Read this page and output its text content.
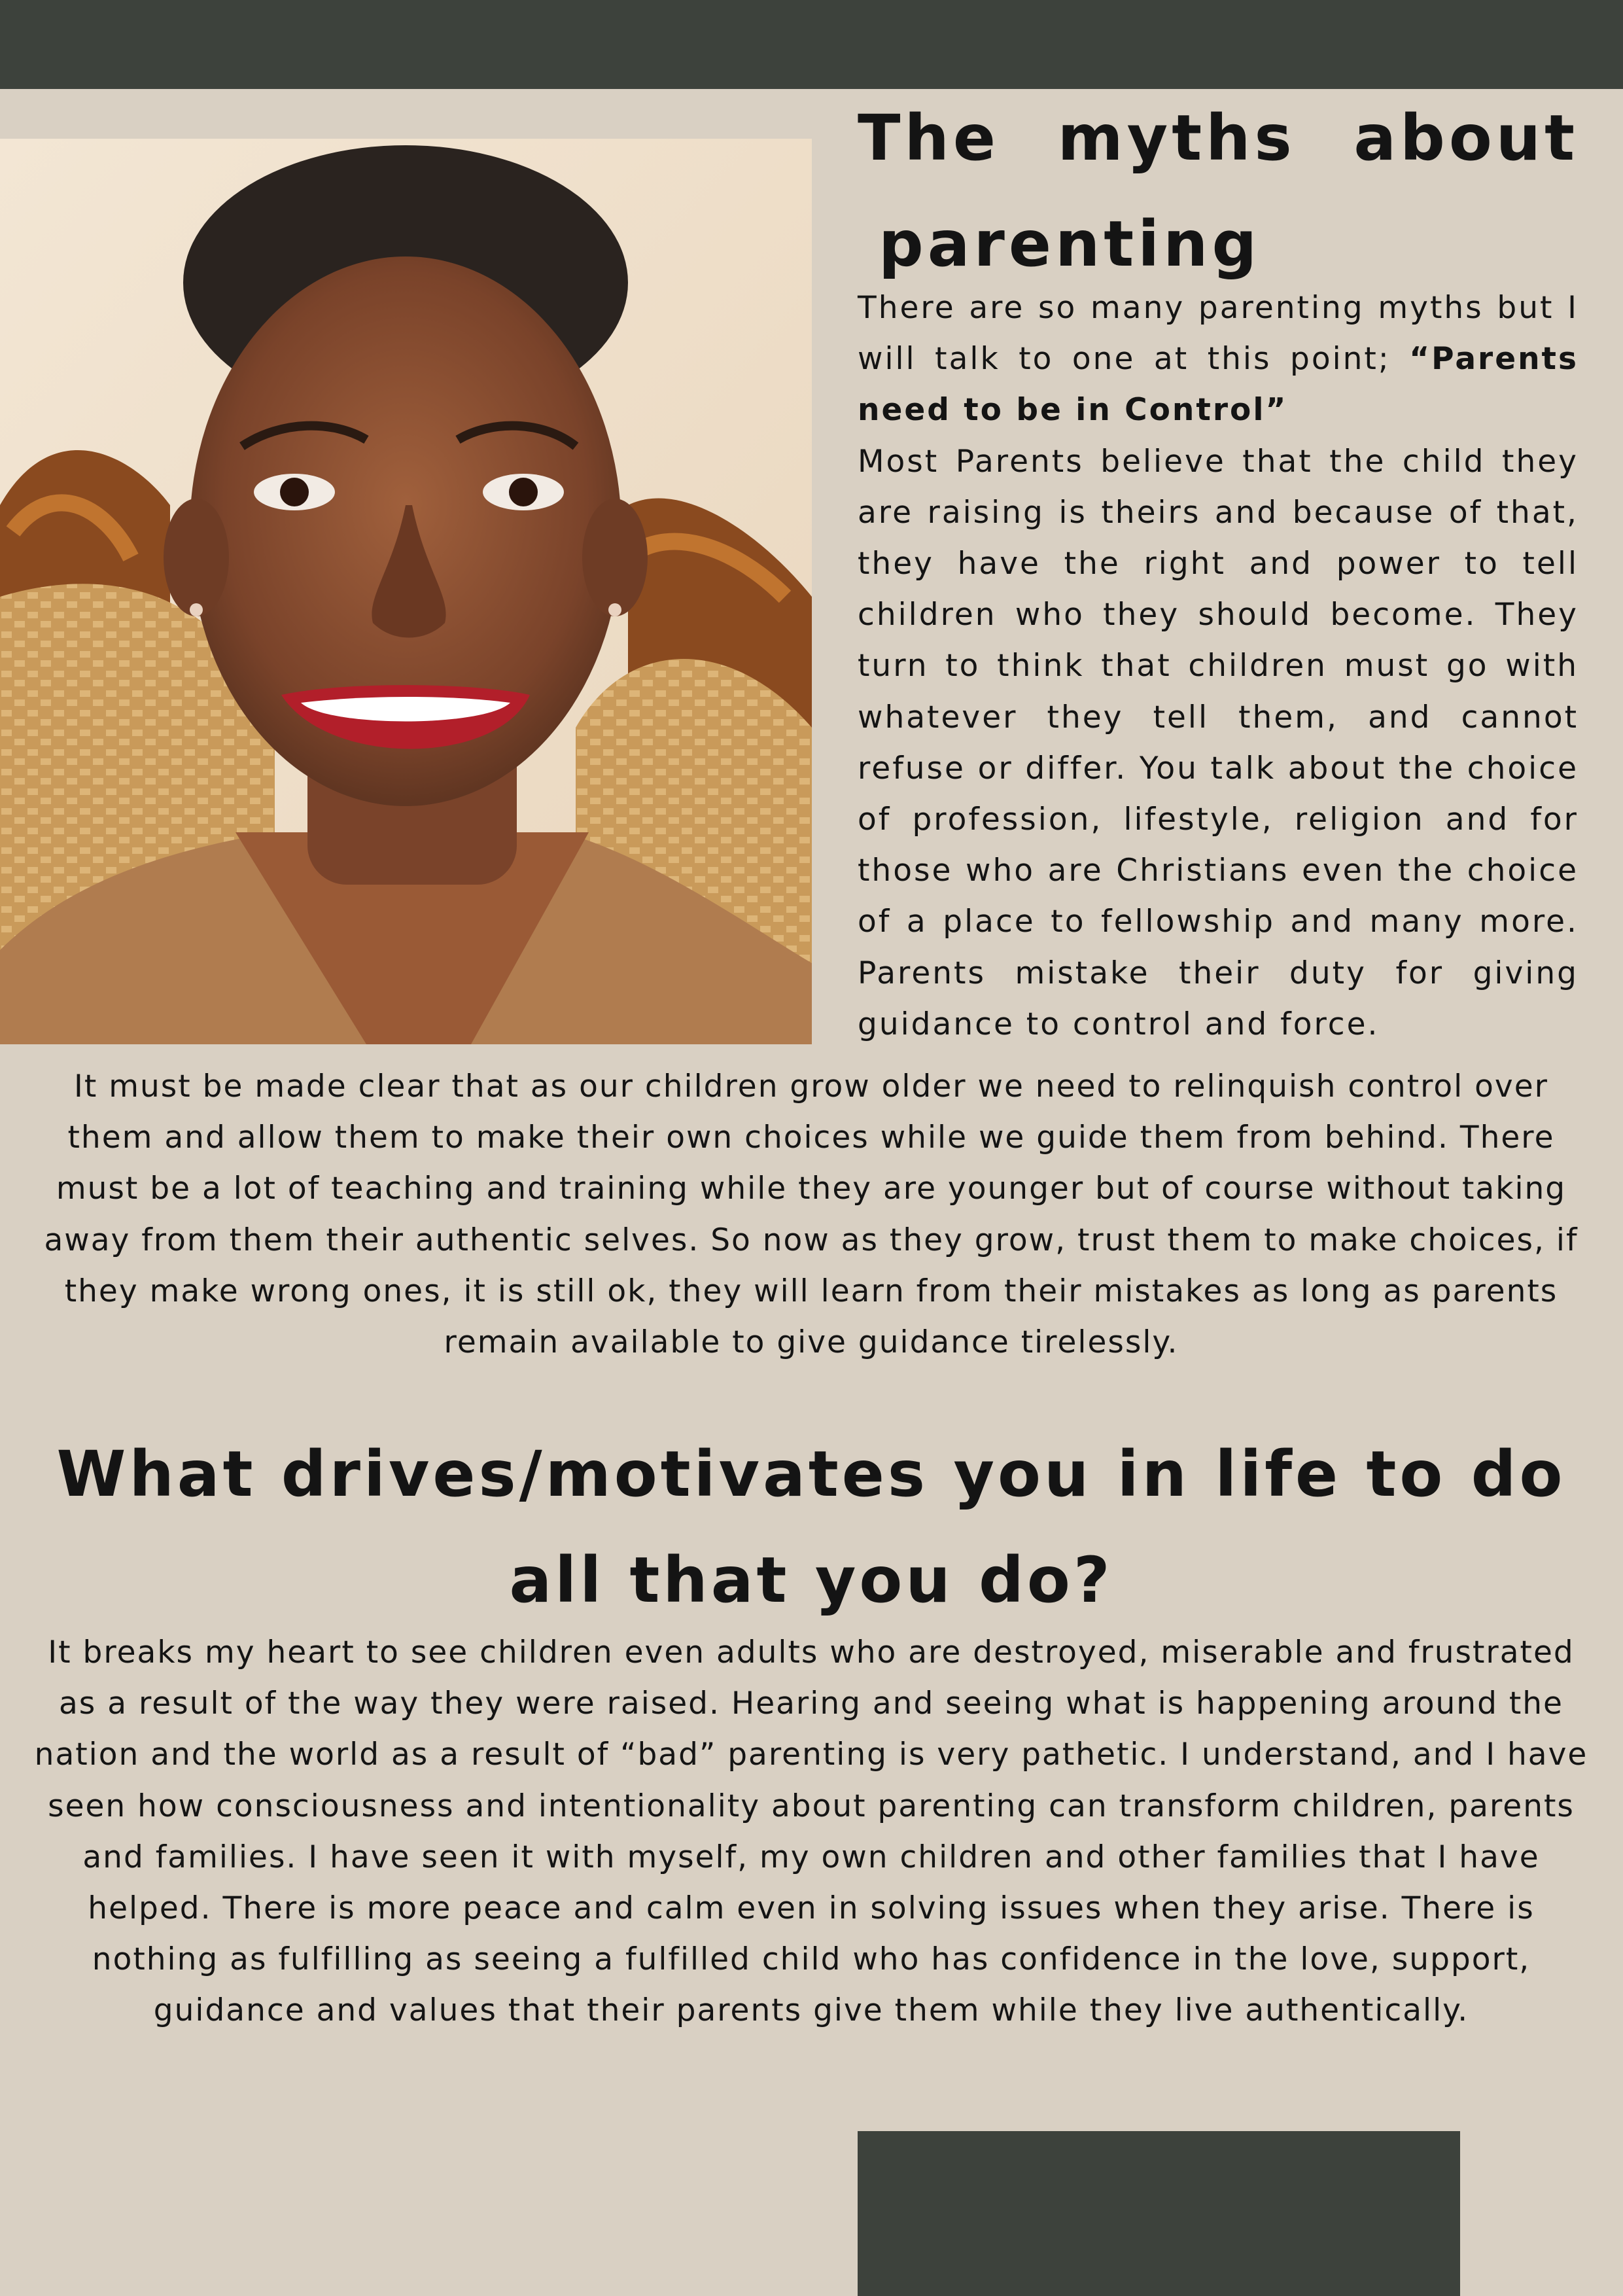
The myths about

parenting

There are so many parenting myths but I will talk to one at this point; “Parents need to be in Control”

Most Parents believe that the child they are raising is theirs and because of that, they have the right and power to tell children who they should become. They turn to think that children must go with whatever they tell them, and cannot refuse or differ. You talk about the choice of profession, lifestyle, religion and for those who are Christians even the choice of a place to fellowship and many more. Parents mistake their duty for giving guidance to control and force.

It must be made clear that as our children grow older we need to relinquish control over them and allow them to make their own choices while we guide them from behind. There must be a lot of teaching and training while they are younger but of course without taking away from them their authentic selves. So now as they grow, trust them to make choices, if they make wrong ones, it is still ok, they will learn from their mistakes as long as parents remain available to give guidance tirelessly.

What drives/motivates you in life to do all that you do?

It breaks my heart to see children even adults who are destroyed, miserable and frustrated as a result of the way they were raised. Hearing and seeing what is happening around the nation and the world as a result of “bad” parenting is very pathetic. I understand, and I have seen how consciousness and intentionality about parenting can transform children, parents and families. I have seen it with myself, my own children and other families that I have helped. There is more peace and calm even in solving issues when they arise. There is nothing as fulfilling as seeing a fulfilled child who has confidence in the love, support, guidance and values that their parents give them while they live authentically.
